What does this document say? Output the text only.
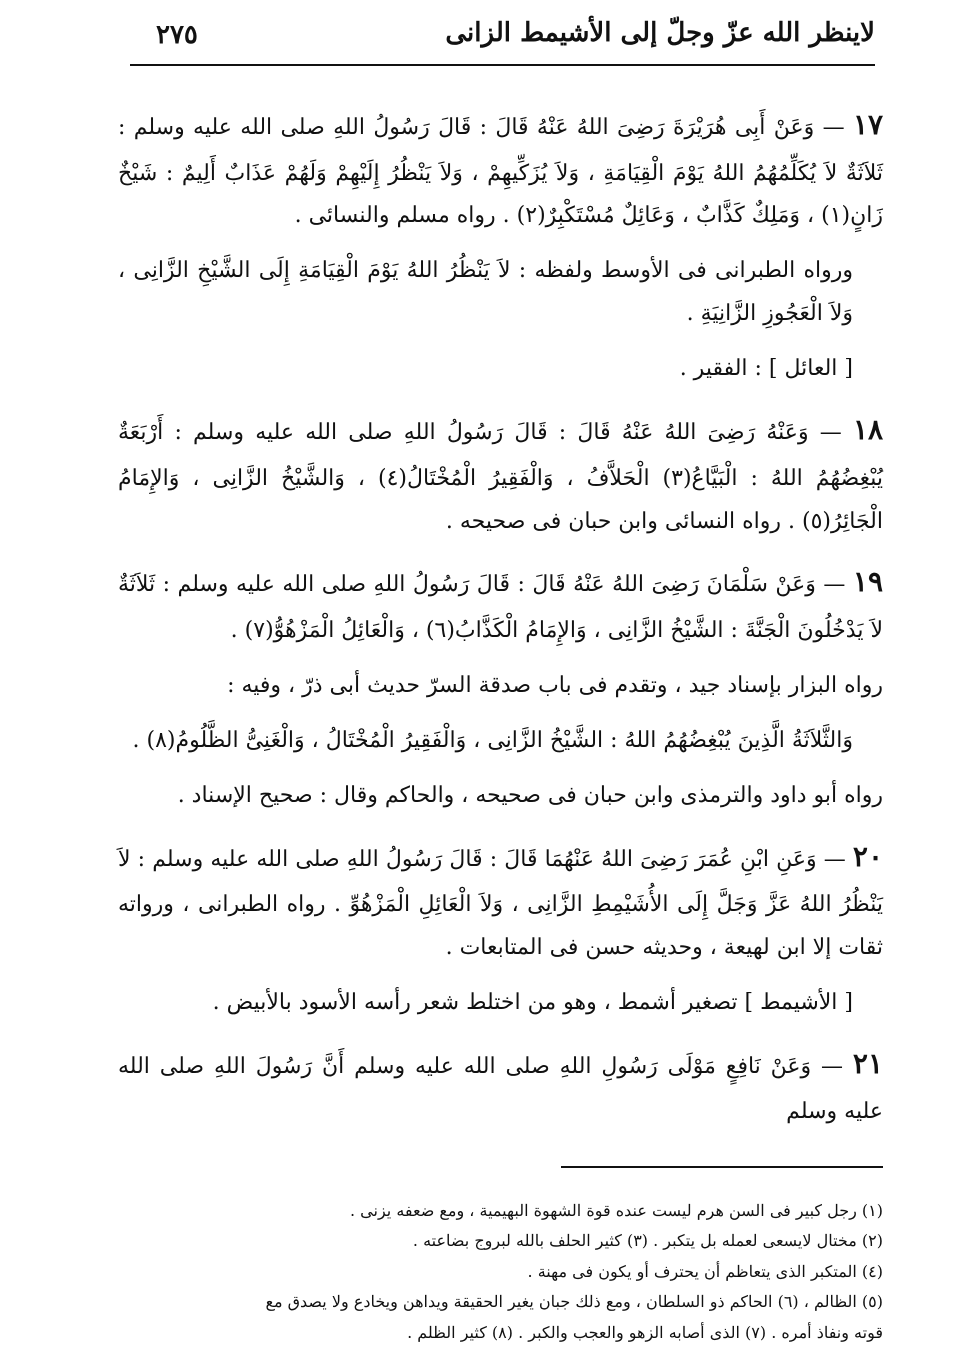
لاينظر الله عزّ وجلّ إلى الأشيمط الزانى
٢٧٥

١٧ — وَعَنْ أَبِى هُرَيْرَةَ رَضِىَ اللهُ عَنْهُ قَالَ : قَالَ رَسُولُ اللهِ صلى الله عليه وسلم : ثَلاَثَةٌ لاَ يُكَلِّمُهُمُ اللهُ يَوْمَ الْقِيَامَةِ ، وَلاَ يُزَكِّيهِمْ ، وَلاَ يَنْظُرُ إِلَيْهِمْ وَلَهُمْ عَذَابٌ أَلِيمٌ : شَيْخٌ زَانٍ(١) ، وَمَلِكٌ كَذَّابٌ ، وَعَائِلٌ مُسْتَكْبِرٌ(٢) . رواه مسلم والنسائى .

ورواه الطبرانى فى الأوسط ولفظه : لاَ يَنْظُرُ اللهُ يَوْمَ الْقِيَامَةِ إِلَى الشَّيْخِ الزَّانِى ، وَلاَ الْعَجُوزِ الزَّانِيَةِ .

[ العائل ] : الفقير .

١٨ — وَعَنْهُ رَضِىَ اللهُ عَنْهُ قَالَ : قَالَ رَسُولُ اللهِ صلى الله عليه وسلم : أَرْبَعَةٌ يُبْغِضُهُمُ اللهُ : الْبَيَّاعُ(٣) الْحَلاَّفُ ، وَالْفَقِيرُ الْمُخْتَالُ(٤) ، وَالشَّيْخُ الزَّانِى ، وَالإِمَامُ الْجَائِرُ(٥) . رواه النسائى وابن حبان فى صحيحه .

١٩ — وَعَنْ سَلْمَانَ رَضِىَ اللهُ عَنْهُ قَالَ : قَالَ رَسُولُ اللهِ صلى الله عليه وسلم : ثَلاَثَةٌ لاَ يَدْخُلُونَ الْجَنَّةَ : الشَّيْخُ الزَّانِى ، وَالإِمَامُ الْكَذَّابُ(٦) ، وَالْعَائِلُ الْمَزْهُوُّ(٧) .

رواه البزار بإسناد جيد ، وتقدم فى باب صدقة السرّ حديث أبى ذرّ ، وفيه :

وَالثَّلاَثَةُ الَّذِينَ يُبْغِضُهُمُ اللهُ : الشَّيْخُ الزَّانِى ، وَالْفَقِيرُ الْمُخْتَالُ ، وَالْغَنِىُّ الظَّلُومُ(٨) .

رواه أبو داود والترمذى وابن حبان فى صحيحه ، والحاكم وقال : صحيح الإسناد .

٢٠ — وَعَنِ ابْنِ عُمَرَ رَضِىَ اللهُ عَنْهُمَا قَالَ : قَالَ رَسُولُ اللهِ صلى الله عليه وسلم : لاَ يَنْظُرُ اللهُ عَزَّ وَجَلَّ إِلَى الأُشَيْمِطِ الزَّانِى ، وَلاَ الْعَائِلِ الْمَزْهُوِّ . رواه الطبرانى ، ورواته ثقات إلا ابن لهيعة ، وحديثه حسن فى المتابعات .

[ الأشيمط ] تصغير أشمط ، وهو من اختلط شعر رأسه الأسود بالأبيض .

٢١ — وَعَنْ نَافِعٍ مَوْلَى رَسُولِ اللهِ صلى الله عليه وسلم أَنَّ رَسُولَ اللهِ صلى الله عليه وسلم

(١) رجل كبير فى السن هرم ليست عنده قوة الشهوة البهيمية ، ومع ضعفه يزنى .
(٢) مختال لايسعى لعمله بل يتكبر . (٣) كثير الحلف بالله لبروج بضاعته .
(٤) المتكبر الذى يتعاظم أن يحترف أو يكون فى مهنة .
(٥) الظالم ، (٦) الحاكم ذو السلطان ، ومع ذلك جبان يغير الحقيقة ويداهن ويخادع ولا يصدق مع
قوته ونفاذ أمره . (٧) الذى أصابه الزهو والعجب والكبر . (٨) كثير الظلم .
